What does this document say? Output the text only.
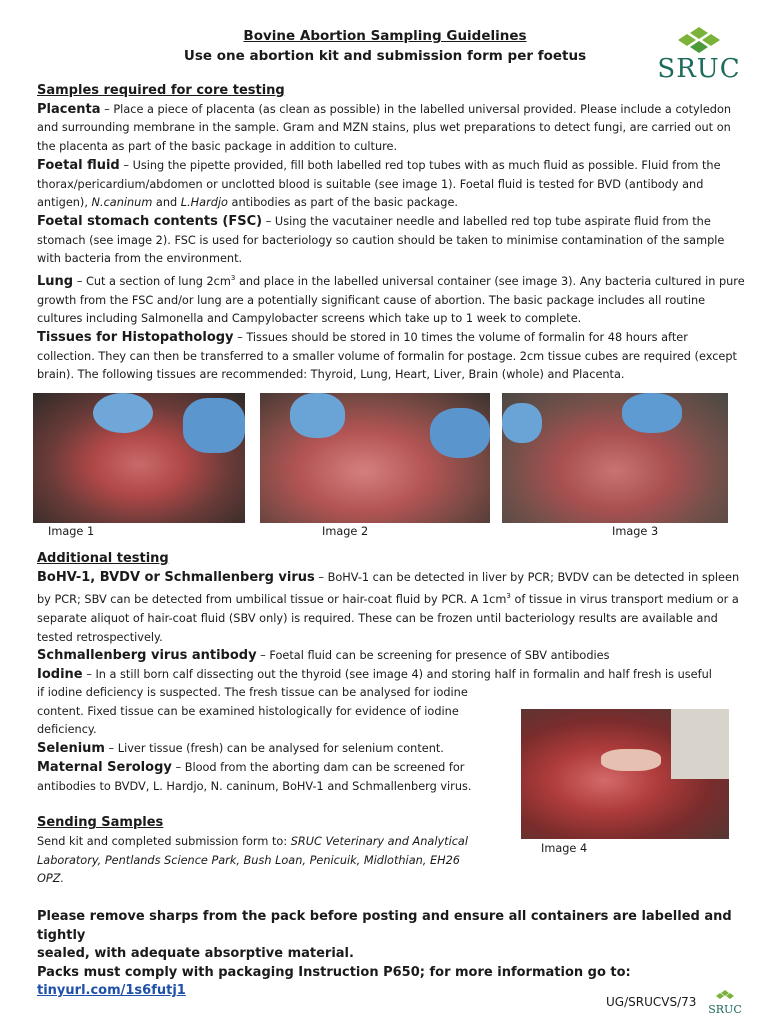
Bovine Abortion Sampling Guidelines
Use one abortion kit and submission form per foetus	SRUC
Samples required for core testing

Placenta – Place a piece of placenta (as clean as possible) in the labelled universal provided. Please include a cotyledon and surrounding membrane in the sample. Gram and MZN stains, plus wet preparations to detect fungi, are carried out on the placenta as part of the basic package in addition to culture.

Foetal fluid – Using the pipette provided, fill both labelled red top tubes with as much fluid as possible. Fluid from the thorax/pericardium/abdomen or unclotted blood is suitable (see image 1). Foetal fluid is tested for BVD (antibody and antigen), N.caninum and L.Hardjo antibodies as part of the basic package.

Foetal stomach contents (FSC) – Using the vacutainer needle and labelled red top tube aspirate fluid from the stomach (see image 2). FSC is used for bacteriology so caution should be taken to minimise contamination of the sample with bacteria from the environment.

Lung – Cut a section of lung $2cm^3$ and place in the labelled universal container (see image 3). Any bacteria cultured in pure growth from the FSC and/or lung are a potentially significant cause of abortion. The basic package includes all routine cultures including Salmonella and Campylobacter screens which take up to 1 week to complete.

Tissues for Histopathology – Tissues should be stored in 10 times the volume of formalin for 48 hours after collection. They can then be transferred to a smaller volume of formalin for postage. 2cm tissue cubes are required (except brain). The following tissues are recommended: Thyroid, Lung, Heart, Liver, Brain (whole) and Placenta.

Image 1	Image 2	Image 3
Additional testing

BoHV-1, BVDV or Schmallenberg virus – BoHV-1 can be detected in liver by PCR; BVDV can be detected in spleen by PCR; SBV can be detected from umbilical tissue or hair-coat fluid by PCR. A $1cm^3$ of tissue in virus transport medium or a separate aliquot of hair-coat fluid (SBV only) is required. These can be frozen until bacteriology results are available and tested retrospectively.

Schmallenberg virus antibody – Foetal fluid can be screening for presence of SBV antibodies

Iodine – In a still born calf dissecting out the thyroid (see image 4) and storing half in formalin and half fresh is useful

if iodine deficiency is suspected. The fresh tissue can be analysed for iodine
content. Fixed tissue can be examined histologically for evidence of iodine
deficiency.
Selenium – Liver tissue (fresh) can be analysed for selenium content.
Maternal Serology – Blood from the aborting dam can be screened for
antibodies to BVDV, L. Hardjo, N. caninum, BoHV-1 and Schmallenberg virus.
Sending Samples
Send kit and completed submission form to: SRUC Veterinary and Analytical
Laboratory, Pentlands Science Park, Bush Loan, Penicuik, Midlothian, EH26
OPZ.
Image 4
Please remove sharps from the pack before posting and ensure all containers are labelled and tightly
sealed, with adequate absorptive material.
Packs must comply with packaging Instruction P650; for more information go to: tinyurl.com/1s6futj1
UG/SRUCVS/73
SRUC
